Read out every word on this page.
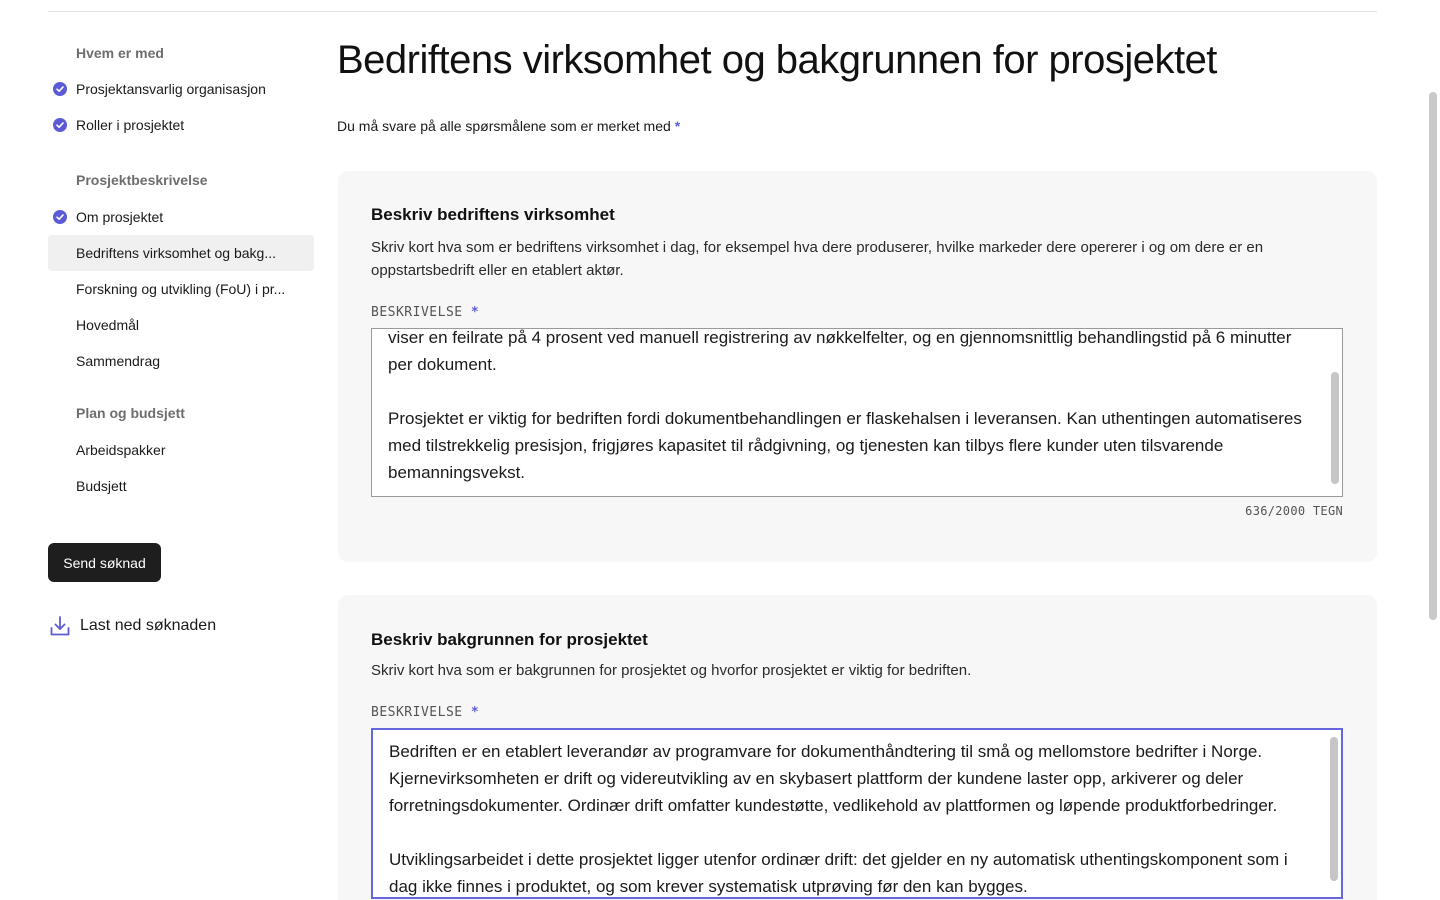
Hvem er med
Prosjektansvarlig organisasjon
Roller i prosjektet
Prosjektbeskrivelse
Om prosjektet
Bedriftens virksomhet og bakg...
Forskning og utvikling (FoU) i pr...
Hovedmål
Sammendrag
Plan og budsjett
Arbeidspakker
Budsjett
Send søknad
Last ned søknaden
Bedriftens virksomhet og bakgrunnen for prosjektet
Du må svare på alle spørsmålene som er merket med *
Beskriv bedriftens virksomhet

Skriv kort hva som er bedriftens virksomhet i dag, for eksempel hva dere produserer, hvilke markeder dere opererer i og om dere er en oppstartsbedrift eller en etablert aktør.

BESKRIVELSE *
viser en feilrate på 4 prosent ved manuell registrering av nøkkelfelter, og en gjennomsnittlig behandlingstid på 6 minutter per dokument.

Prosjektet er viktig for bedriften fordi dokumentbehandlingen er flaskehalsen i leveransen. Kan uthentingen automatiseres med tilstrekkelig presisjon, frigjøres kapasitet til rådgivning, og tjenesten kan tilbys flere kunder uten tilsvarende bemanningsvekst.
636/2000 TEGN
Beskriv bakgrunnen for prosjektet

Skriv kort hva som er bakgrunnen for prosjektet og hvorfor prosjektet er viktig for bedriften.

BESKRIVELSE *
Bedriften er en etablert leverandør av programvare for dokumenthåndtering til små og mellomstore bedrifter i Norge. Kjernevirksomheten er drift og videreutvikling av en skybasert plattform der kundene laster opp, arkiverer og deler forretningsdokumenter. Ordinær drift omfatter kundestøtte, vedlikehold av plattformen og løpende produktforbedringer.

Utviklingsarbeidet i dette prosjektet ligger utenfor ordinær drift: det gjelder en ny automatisk uthentingskomponent som i dag ikke finnes i produktet, og som krever systematisk utprøving før den kan bygges.
